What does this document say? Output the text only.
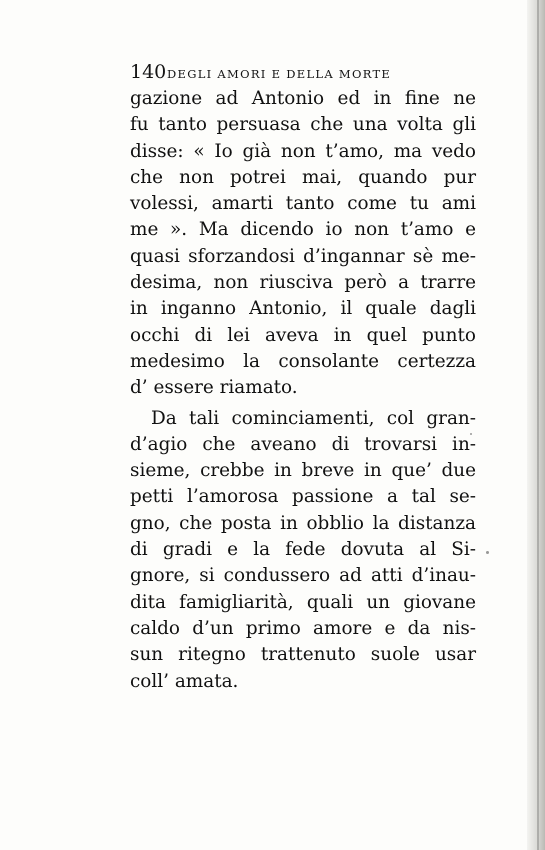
140 DEGLI AMORI E DELLA MORTE
gazione ad Antonio ed in fine ne
fu tanto persuasa che una volta gli
disse: « Io già non t’amo, ma vedo
che non potrei mai, quando pur
volessi, amarti tanto come tu ami
me ». Ma dicendo io non t’amo e
quasi sforzandosi d’ingannar sè me-
desima, non riusciva però a trarre
in inganno Antonio, il quale dagli
occhi di lei aveva in quel punto
medesimo la consolante certezza
d’ essere riamato.
Da tali cominciamenti, col gran-
d’agio che aveano di trovarsi in-
sieme, crebbe in breve in que’ due
petti l’amorosa passione a tal se-
gno, che posta in obblio la distanza
di gradi e la fede dovuta al Si-
gnore, si condussero ad atti d’inau-
dita famigliarità, quali un giovane
caldo d’un primo amore e da nis-
sun ritegno trattenuto suole usar
coll’ amata.
